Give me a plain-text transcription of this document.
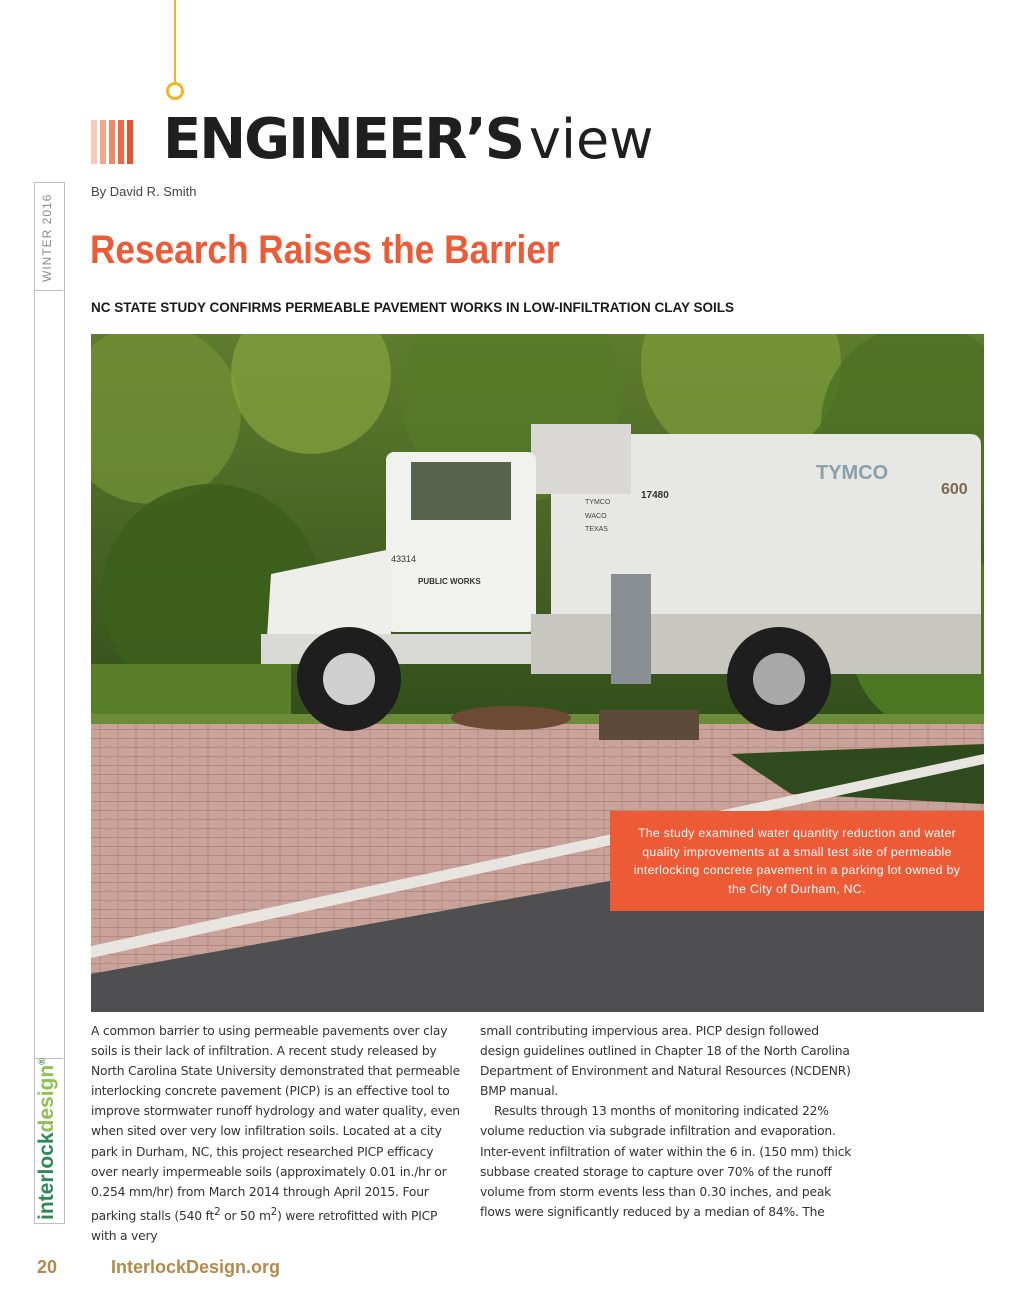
ENGINEER’S view
WINTER 2016
interlockdesign®
By David R. Smith
Research Raises the Barrier
NC STATE STUDY CONFIRMS PERMEABLE PAVEMENT WORKS IN LOW-INFILTRATION CLAY SOILS
43314
PUBLIC WORKS
17480	600
TYMCO
TYMCO
WACO
TEXAS

The study examined water quantity reduction and water quality improvements at a small test site of permeable interlocking concrete pavement in a parking lot owned by the City of Durham, NC.

A common barrier to using permeable pavements over clay soils is their lack of infiltration. A recent study released by North Carolina State University demonstrated that permeable interlocking concrete pavement (PICP) is an effective tool to improve stormwater runoff hydrology and water quality, even when sited over very low infiltration soils. Located at a city park in Durham, NC, this project researched PICP efficacy over nearly impermeable soils (approximately 0.01 in./hr or 0.254 mm/hr) from March 2014 through April 2015. Four parking stalls (540 $ft^2$ or 50 $m^2$) were retrofitted with PICP with a very

small contributing impervious area. PICP design followed design guidelines outlined in Chapter 18 of the North Carolina Department of Environment and Natural Resources (NCDENR) BMP manual.

Results through 13 months of monitoring indicated 22% volume reduction via subgrade infiltration and evaporation. Inter-event infiltration of water within the 6 in. (150 mm) thick subbase created storage to capture over 70% of the runoff volume from storm events less than 0.30 inches, and peak flows were significantly reduced by a median of 84%. The

20	InterlockDesign.org
